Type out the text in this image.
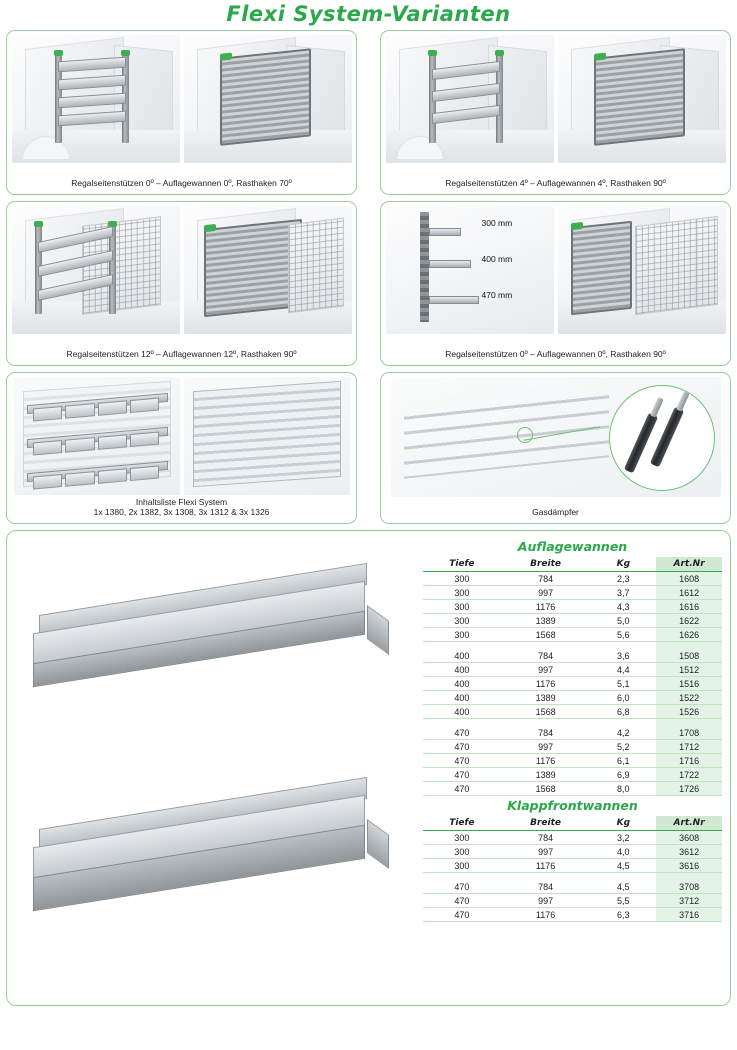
Flexi System-Varianten
Regalseitenstützen 0º – Auflagewannen 0º, Rasthaken 70º	Regalseitenstützen 4º – Auflagewannen 4º, Rasthaken 90º
Regalseitenstützen 12º – Auflagewannen 12º, Rasthaken 90º
300 mm
400 mm
470 mm
Regalseitenstützen 0º – Auflagewannen 0º, Rasthaken 90º
Inhaltsliste Flexi System
1x 1380, 2x 1382, 3x 1308, 3x 1312 & 3x 1326	Gasdämpfer
Auflagewannen
Tiefe	Breite	Kg	Art.Nr
300	784	2,3	1608
300	997	3,7	1612
300	1176	4,3	1616
300	1389	5,0	1622
300	1568	5,6	1626

400	784	3,6	1508
400	997	4,4	1512
400	1176	5,1	1516
400	1389	6,0	1522
400	1568	6,8	1526

470	784	4,2	1708
470	997	5,2	1712
470	1176	6,1	1716
470	1389	6,9	1722
470	1568	8,0	1726
Klappfrontwannen
Tiefe	Breite	Kg	Art.Nr
300	784	3,2	3608
300	997	4,0	3612
300	1176	4,5	3616

470	784	4,5	3708
470	997	5,5	3712
470	1176	6,3	3716
